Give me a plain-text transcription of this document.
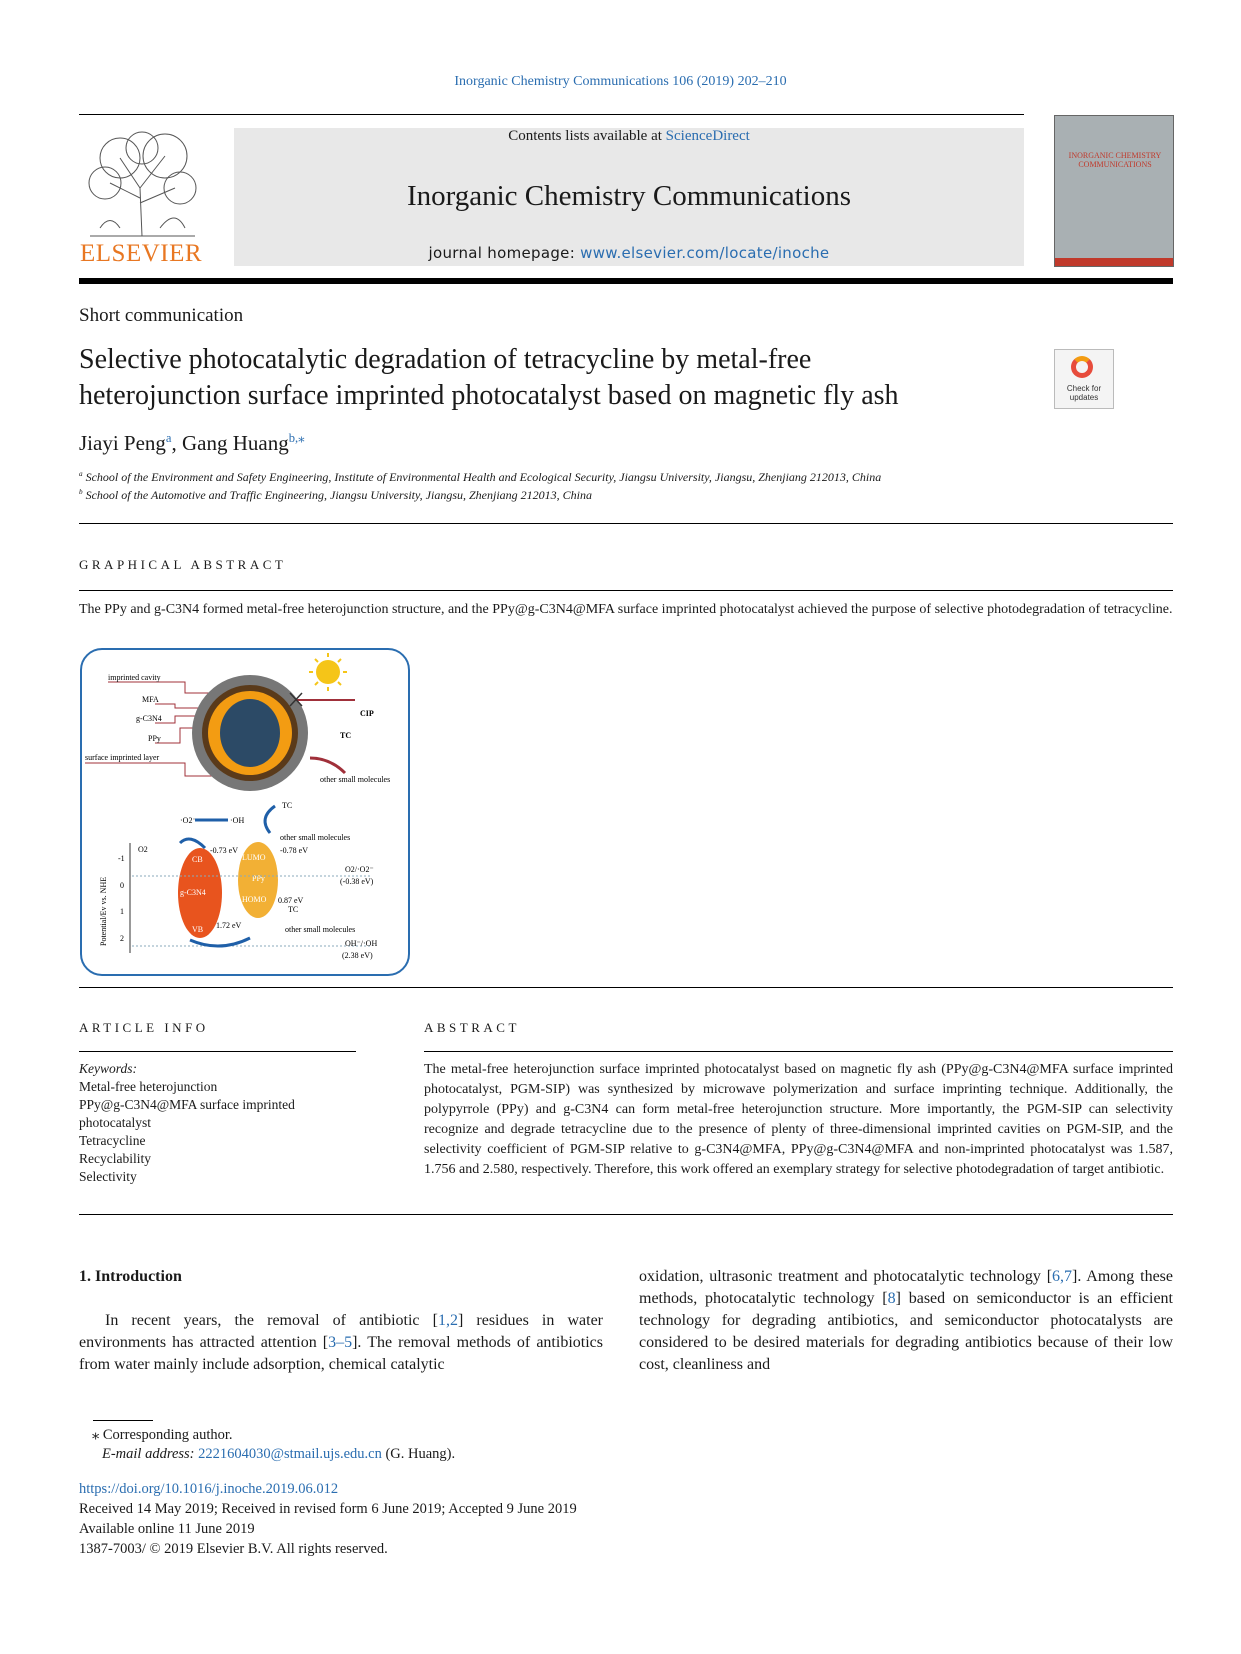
Inorganic Chemistry Communications 106 (2019) 202–210
ELSEVIER
Contents lists available at ScienceDirect
Inorganic Chemistry Communications
journal homepage: www.elsevier.com/locate/inoche
INORGANIC CHEMISTRY COMMUNICATIONS
Short communication
Selective photocatalytic degradation of tetracycline by metal-free
heterojunction surface imprinted photocatalyst based on magnetic fly ash	Check for updates
Jiayi Peng$^a$, Gang Huang$^{b,⁎}$
$^a$ School of the Environment and Safety Engineering, Institute of Environmental Health and Ecological Security, Jiangsu University, Jiangsu, Zhenjiang 212013, China
$^b$ School of the Automotive and Traffic Engineering, Jiangsu University, Jiangsu, Zhenjiang 212013, China
GRAPHICAL ABSTRACT
The PPy and g-C3N4 formed metal-free heterojunction structure, and the PPy@g-C3N4@MFA surface imprinted photocatalyst achieved the purpose of selective photodegradation of tetracycline.
imprinted cavity
MFA
g-C3N4
PPy
surface imprinted layer
CIP
TC
other small molecules
·O2⁻	·OH
TC
other small molecules
Potential/Ev vs. NHE
-1
0
1
2
O2
CB
VB
g-C3N4
LUMO
PPy
HOMO
-0.73 eV	-0.78 eV
0.87 eV
1.72 eV
TC
other small molecules
O2/·O2⁻
(-0.38 eV)
OH⁻/·OH
(2.38 eV)
ARTICLE INFO
Keywords:
Metal-free heterojunction
PPy@g-C3N4@MFA surface imprinted
photocatalyst
Tetracycline
Recyclability
Selectivity
ABSTRACT
The metal-free heterojunction surface imprinted photocatalyst based on magnetic fly ash (PPy@g-C3N4@MFA surface imprinted photocatalyst, PGM-SIP) was synthesized by microwave polymerization and surface imprinting technique. Additionally, the polypyrrole (PPy) and g-C3N4 can form metal-free heterojunction structure. More importantly, the PGM-SIP can selectivity recognize and degrade tetracycline due to the presence of plenty of three-dimensional imprinted cavities on PGM-SIP, and the selectivity coefficient of PGM-SIP relative to g-C3N4@MFA, PPy@g-C3N4@MFA and non-imprinted photocatalyst was 1.587, 1.756 and 2.580, respectively. Therefore, this work offered an exemplary strategy for selective photodegradation of target antibiotic.
1. Introduction
In recent years, the removal of antibiotic [1,2] residues in water environments has attracted attention [3–5]. The removal methods of antibiotics from water mainly include adsorption, chemical catalytic
oxidation, ultrasonic treatment and photocatalytic technology [6,7]. Among these methods, photocatalytic technology [8] based on semiconductor is an efficient technology for degrading antibiotics, and semiconductor photocatalysts are considered to be desired materials for degrading antibiotics because of their low cost, cleanliness and
⁎ Corresponding author.
E-mail address: 2221604030@stmail.ujs.edu.cn (G. Huang).
https://doi.org/10.1016/j.inoche.2019.06.012
Received 14 May 2019; Received in revised form 6 June 2019; Accepted 9 June 2019
Available online 11 June 2019
1387-7003/ © 2019 Elsevier B.V. All rights reserved.
